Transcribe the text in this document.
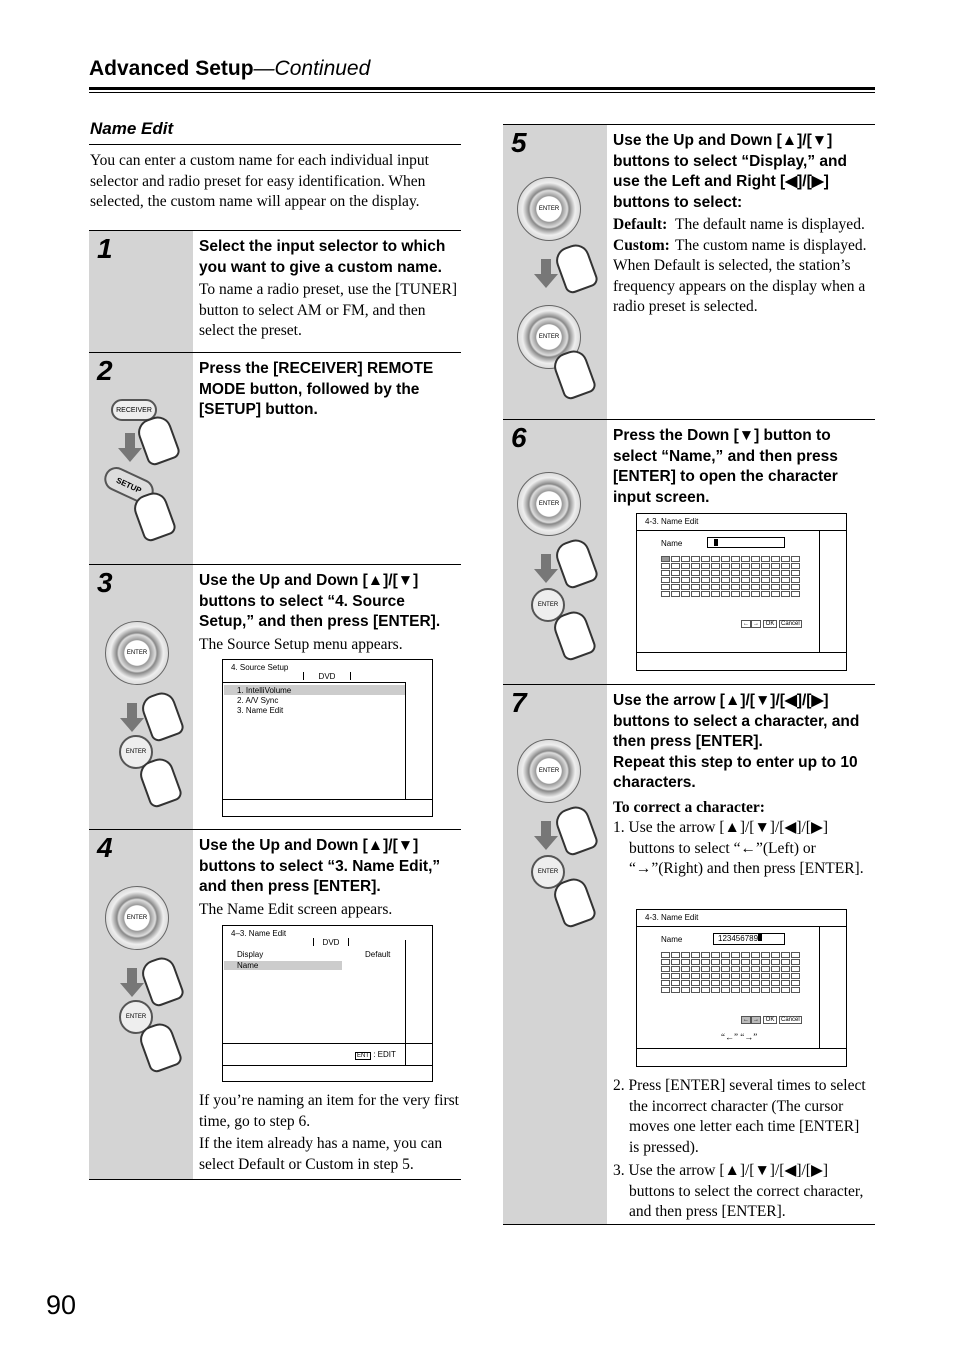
Advanced Setup—Continued
Name Edit
You can enter a custom name for each individual input selector and radio preset for easy identification. When selected, the custom name will appear on the display.
1	Select the input selector to which you want to give a custom name.
To name a radio preset, use the [TUNER] button to select AM or FM, and then select the preset.
2
RECEIVER
SETUP
Press the [RECEIVER] REMOTE MODE button, followed by the [SETUP] button.
3
ENTER
ENTER
Use the Up and Down [▲]/[▼] buttons to select “4. Source Setup,” and then press [ENTER].
The Source Setup menu appears.
4. Source Setup
DVD
1. IntelliVolume
2. A/V Sync
3. Name Edit
4
ENTER
ENTER
Use the Up and Down [▲]/[▼] buttons to select “3. Name Edit,” and then press [ENTER].
The Name Edit screen appears.
If you’re naming an item for the very first time, go to step 6.
If the item already has a name, you can select Default or Custom in step 5.
4–3. Name Edit
DVD
Display	Default
Name
ENT : EDIT
5
ENTER
ENTER
Use the Up and Down [▲]/[▼] buttons to select “Display,” and use the Left and Right [◀]/[▶] buttons to select:
Default: The default name is displayed.
Custom: The custom name is displayed.
When Default is selected, the station’s frequency appears on the display when a radio preset is selected.
6
ENTER
ENTER
Press the Down [▼] button to select “Name,” and then press [ENTER] to open the character input screen.
4-3. Name Edit
Name
← → OK Cancel
7
ENTER
ENTER
Use the arrow [▲]/[▼]/[◀]/[▶] buttons to select a character, and then press [ENTER].
Repeat this step to enter up to 10 characters.
To correct a character:
1. Use the arrow [▲]/[▼]/[◀]/[▶] buttons to select “←”(Left) or “→”(Right) and then press [ENTER].
2. Press [ENTER] several times to select the incorrect character (The cursor moves one letter each time [ENTER] is pressed).
3. Use the arrow [▲]/[▼]/[◀]/[▶] buttons to select the correct character, and then press [ENTER].
4-3. Name Edit
Name	123456789
← → OK Cancel
“←” “→”
90
